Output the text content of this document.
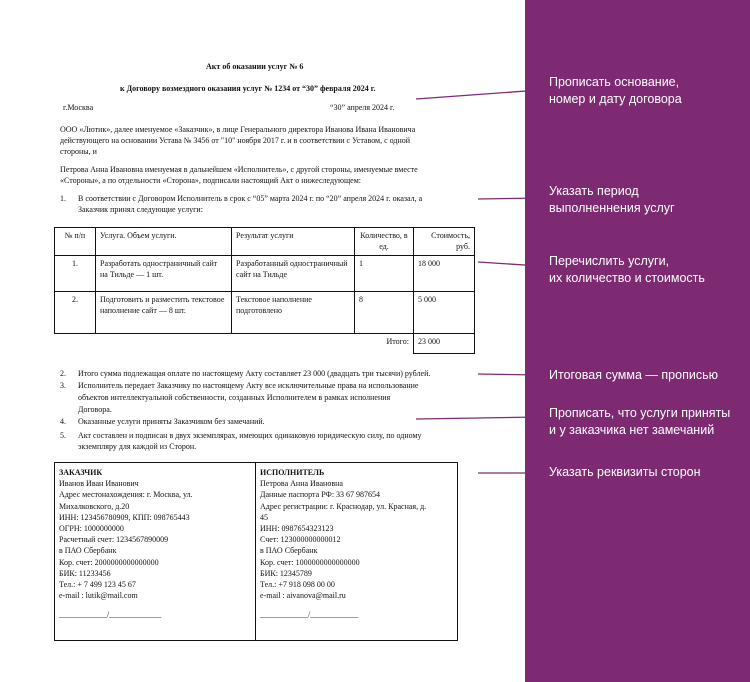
Акт об оказании услуг № 6
к Договору возмездного оказания услуг № 1234 от “30” февраля 2024 г.
г.Москва	“30” апреля 2024 г.
ООО «Лютик», далее именуемое «Заказчик», в лице Генерального директора Иванова Ивана Ивановича
действующего на основании Устава № 3456 от "10" ноября 2017 г. и в соответствии с Уставом, с одной
стороны, и
Петрова Анна Ивановна именуемая в дальнейшем «Исполнитель», с другой стороны, именуемые вместе
«Стороны», а по отдельности «Сторона», подписали настоящий Акт о нижеследующем:
1. В соответствии с Договором Исполнитель в срок с “05” марта 2024 г. по “20” апреля 2024 г. оказал, а
Заказчик принял следующие услуги:
№ п/п	Услуга. Объем услуги.	Результат услуги	Количество, в ед.	Стоимость, руб.
1.	Разработать одностраничный сайт на Тильде — 1 шт.	Разработанный одностраничный сайт на Тильде	1	18 000
2.	Подготовить и разместить текстовое наполнение сайт — 8 шт.	Текстовое наполнение подготовлено	8	5 000
Итого:				23 000
2. Итого сумма подлежащая оплате по настоящему Акту составляет 23 000 (двадцать три тысячи) рублей.
3. Исполнитель передает Заказчику по настоящему Акту все исключительные права на использование
объектов интеллектуальной собственности, созданных Исполнителем в рамках исполнения
Договора.
4. Оказанные услуги приняты Заказчиком без замечаний.
5. Акт составлен и подписан в двух экземплярах, имеющих одинаковую юридическую силу, по одному
экземпляру для каждой из Сторон.
ЗАКАЗЧИК
Иванов Иван Иванович
Адрес местонахождения: г. Москва, ул.
Михалковского, д.20
ИНН: 123456780909, КПП: 098765443
ОГРН: 1000000000
Расчетный счет: 1234567890009
в ПАО Сбербанк
Кор. счет: 2000000000000000
БИК: 11233456
Тел.: + 7 499 123 45 67
e-mail : lutik@mail.com
____________/_____________
ИСПОЛНИТЕЛЬ
Петрова Анна Ивановна
Данные паспорта РФ: 33 67 987654
Адрес регистрации: г. Краснодар, ул. Красная, д.
45
ИНН: 0987654323123
Счет: 123000000000012
в ПАО Сбербанк
Кор. счет: 1000000000000000
БИК: 12345789
Тел.: +7 918 098 00 00
e-mail : aivanova@mail.ru
____________/____________
Прописать основание,
номер и дату договора
Указать период
выполненнения услуг
Перечислить услуги,
их количество и стоимость
Итоговая сумма — прописью
Прописать, что услуги приняты
и у заказчика нет замечаний
Указать реквизиты сторон
